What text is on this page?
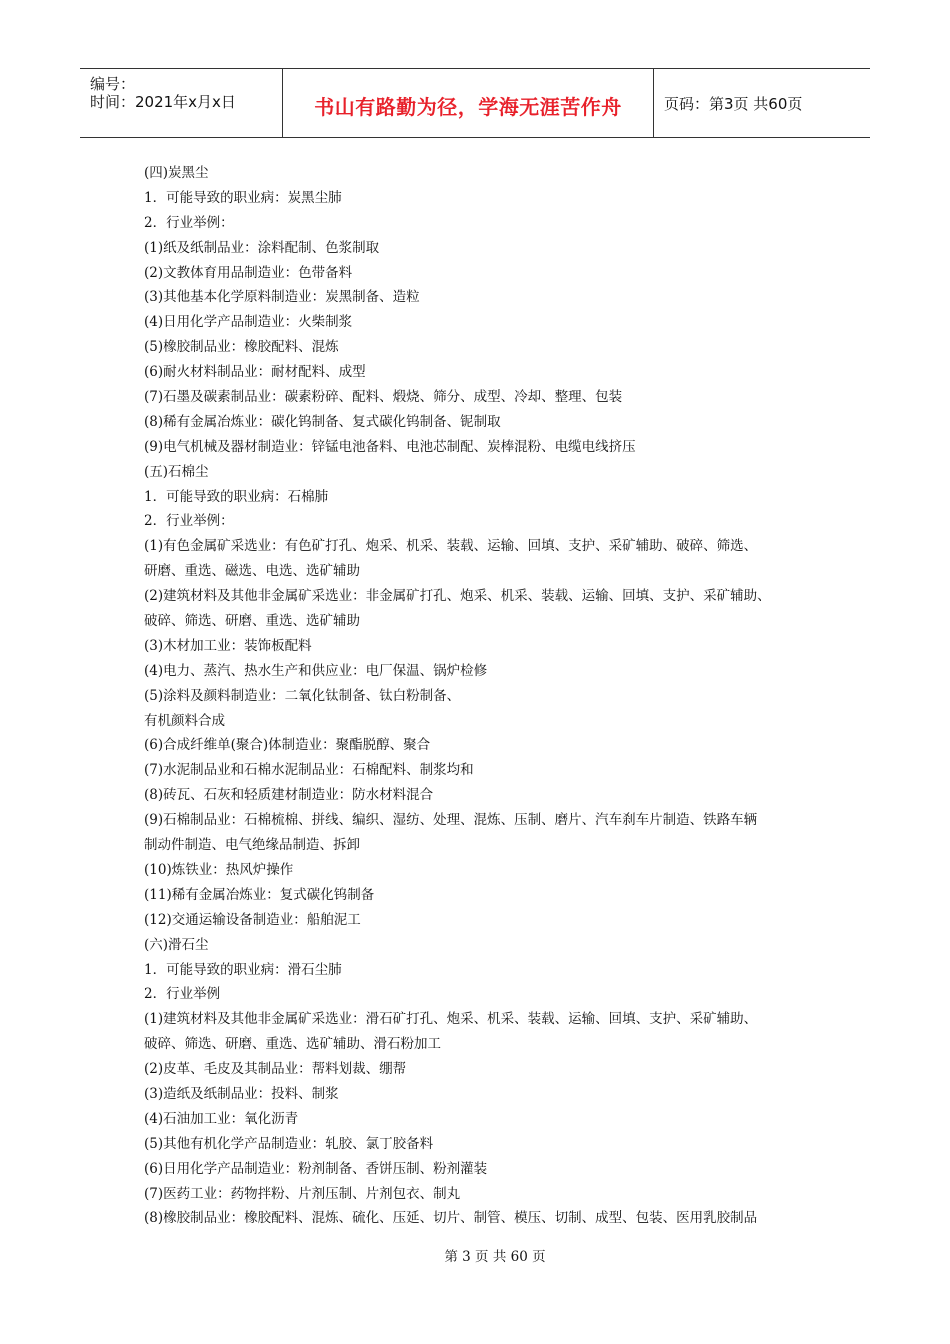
编号：
时间：2021年x月x日	书山有路勤为径，学海无涯苦作舟	页码：第3页 共60页
(四)炭黑尘
1．可能导致的职业病：炭黑尘肺
2．行业举例：
(1)纸及纸制品业：涂料配制、色浆制取
(2)文教体育用品制造业：色带备料
(3)其他基本化学原料制造业：炭黑制备、造粒
(4)日用化学产品制造业：火柴制浆
(5)橡胶制品业：橡胶配料、混炼
(6)耐火材料制品业：耐材配料、成型
(7)石墨及碳素制品业：碳素粉碎、配料、煅烧、筛分、成型、冷却、整理、包装
(8)稀有金属冶炼业：碳化钨制备、复式碳化钨制备、铌制取
(9)电气机械及器材制造业：锌锰电池备料、电池芯制配、炭棒混粉、电缆电线挤压
(五)石棉尘
1．可能导致的职业病：石棉肺
2．行业举例：
(1)有色金属矿采选业：有色矿打孔、炮采、机采、装载、运输、回填、支护、采矿辅助、破碎、筛选、
研磨、重选、磁选、电选、选矿辅助
(2)建筑材料及其他非金属矿采选业：非金属矿打孔、炮采、机采、装载、运输、回填、支护、采矿辅助、
破碎、筛选、研磨、重选、选矿辅助
(3)木材加工业：装饰板配料
(4)电力、蒸汽、热水生产和供应业：电厂保温、锅炉检修
(5)涂料及颜料制造业：二氧化钛制备、钛白粉制备、
有机颜料合成
(6)合成纤维单(聚合)体制造业：聚酯脱醇、聚合
(7)水泥制品业和石棉水泥制品业：石棉配料、制浆均和
(8)砖瓦、石灰和轻质建材制造业：防水材料混合
(9)石棉制品业：石棉梳棉、拼线、编织、湿纺、处理、混炼、压制、磨片、汽车刹车片制造、铁路车辆
制动件制造、电气绝缘品制造、拆卸
(10)炼铁业：热风炉操作
(11)稀有金属冶炼业：复式碳化钨制备
(12)交通运输设备制造业：船舶泥工
(六)滑石尘
1．可能导致的职业病：滑石尘肺
2．行业举例
(1)建筑材料及其他非金属矿采选业：滑石矿打孔、炮采、机采、装载、运输、回填、支护、采矿辅助、
破碎、筛选、研磨、重选、选矿辅助、滑石粉加工
(2)皮革、毛皮及其制品业：帮料划裁、绷帮
(3)造纸及纸制品业：投料、制浆
(4)石油加工业：氧化沥青
(5)其他有机化学产品制造业：轧胶、氯丁胶备料
(6)日用化学产品制造业：粉剂制备、香饼压制、粉剂灌装
(7)医药工业：药物拌粉、片剂压制、片剂包衣、制丸
(8)橡胶制品业：橡胶配料、混炼、硫化、压延、切片、制管、模压、切制、成型、包装、医用乳胶制品
第 3 页 共 60 页
